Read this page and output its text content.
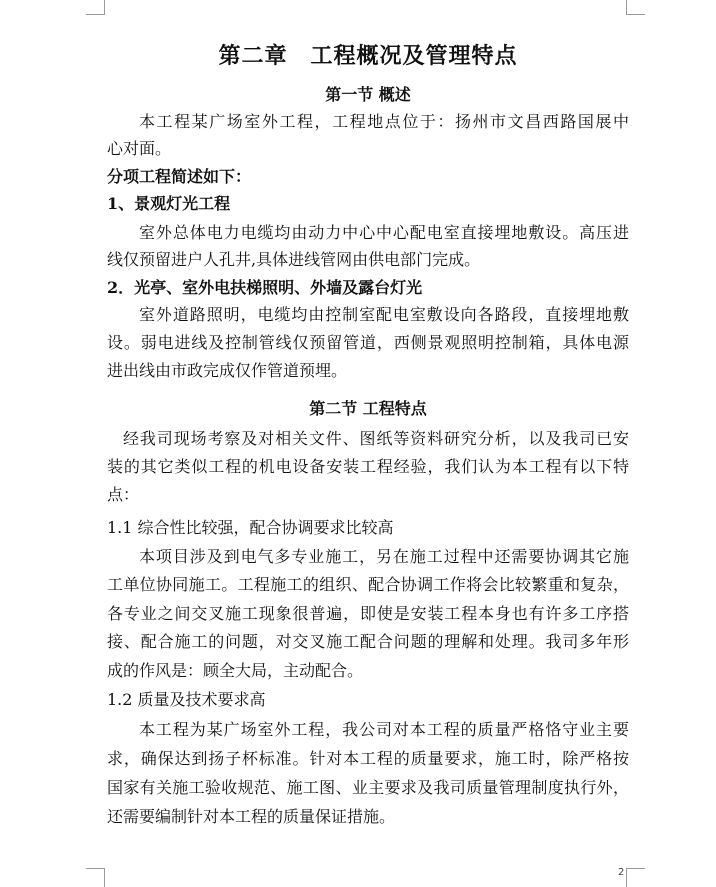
第二章　工程概况及管理特点
第一节 概述
本工程某广场室外工程，工程地点位于：扬州市文昌西路国展中
心对面。
分项工程简述如下：
1、景观灯光工程
室外总体电力电缆均由动力中心中心配电室直接埋地敷设。高压进
线仅预留进户人孔井,具体进线管网由供电部门完成。
2．光亭、室外电扶梯照明、外墙及露台灯光
室外道路照明，电缆均由控制室配电室敷设向各路段，直接埋地敷
设。弱电进线及控制管线仅预留管道，西侧景观照明控制箱，具体电源
进出线由市政完成仅作管道预埋。
第二节 工程特点
经我司现场考察及对相关文件、图纸等资料研究分析，以及我司已安
装的其它类似工程的机电设备安装工程经验，我们认为本工程有以下特
点：
1.1 综合性比较强，配合协调要求比较高
本项目涉及到电气多专业施工，另在施工过程中还需要协调其它施
工单位协同施工。工程施工的组织、配合协调工作将会比较繁重和复杂，
各专业之间交叉施工现象很普遍，即使是安装工程本身也有许多工序搭
接、配合施工的问题，对交叉施工配合问题的理解和处理。我司多年形
成的作风是：顾全大局，主动配合。
1.2 质量及技术要求高
本工程为某广场室外工程，我公司对本工程的质量严格恪守业主要
求，确保达到扬子杯标准。针对本工程的质量要求，施工时，除严格按
国家有关施工验收规范、施工图、业主要求及我司质量管理制度执行外，
还需要编制针对本工程的质量保证措施。
2
